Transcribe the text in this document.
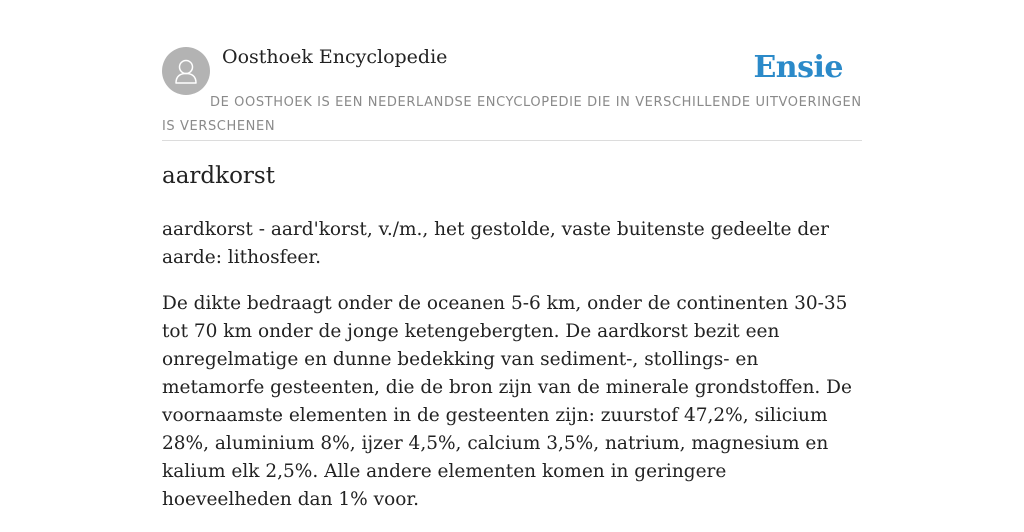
Oosthoek Encyclopedie	Ensie
DE OOSTHOEK IS EEN NEDERLANDSE ENCYCLOPEDIE DIE IN VERSCHILLENDE UITVOERINGEN IS VERSCHENEN
aardkorst

aardkorst - aard'korst, v./m., het gestolde, vaste buitenste gedeelte der aarde: lithosfeer.

De dikte bedraagt onder de oceanen 5-6 km, onder de continenten 30-35 tot 70 km onder de jonge ketengebergten. De aardkorst bezit een onregelmatige en dunne bedekking van sediment-, stollings- en metamorfe gesteenten, die de bron zijn van de minerale grondstoffen. De voornaamste elementen in de gesteenten zijn: zuurstof 47,2%, silicium 28%, aluminium 8%, ijzer 4,5%, calcium 3,5%, natrium, magnesium en kalium elk 2,5%. Alle andere elementen komen in geringere hoeveelheden dan 1% voor.
